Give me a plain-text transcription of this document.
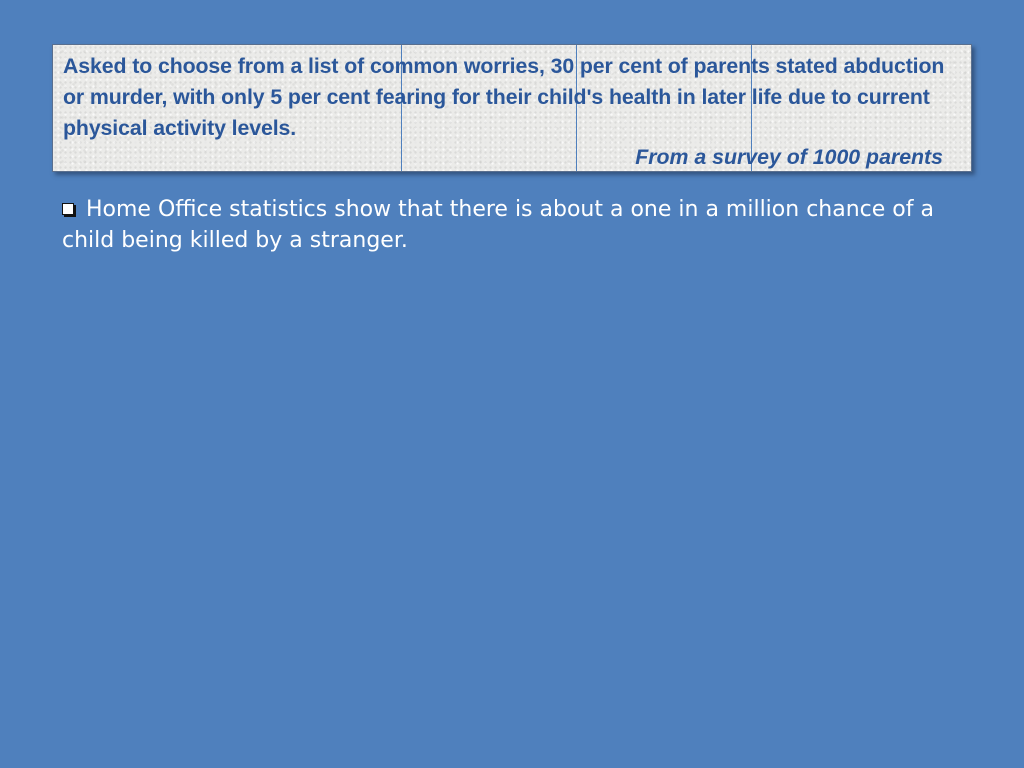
Asked to choose from a list of common worries, 30 per cent of parents stated abduction or murder, with only 5 per cent fearing for their child's health in later life due to current physical activity levels.

From a survey of 1000 parents

Home Office statistics show that there is about a one in a million chance of a child being killed by a stranger.
